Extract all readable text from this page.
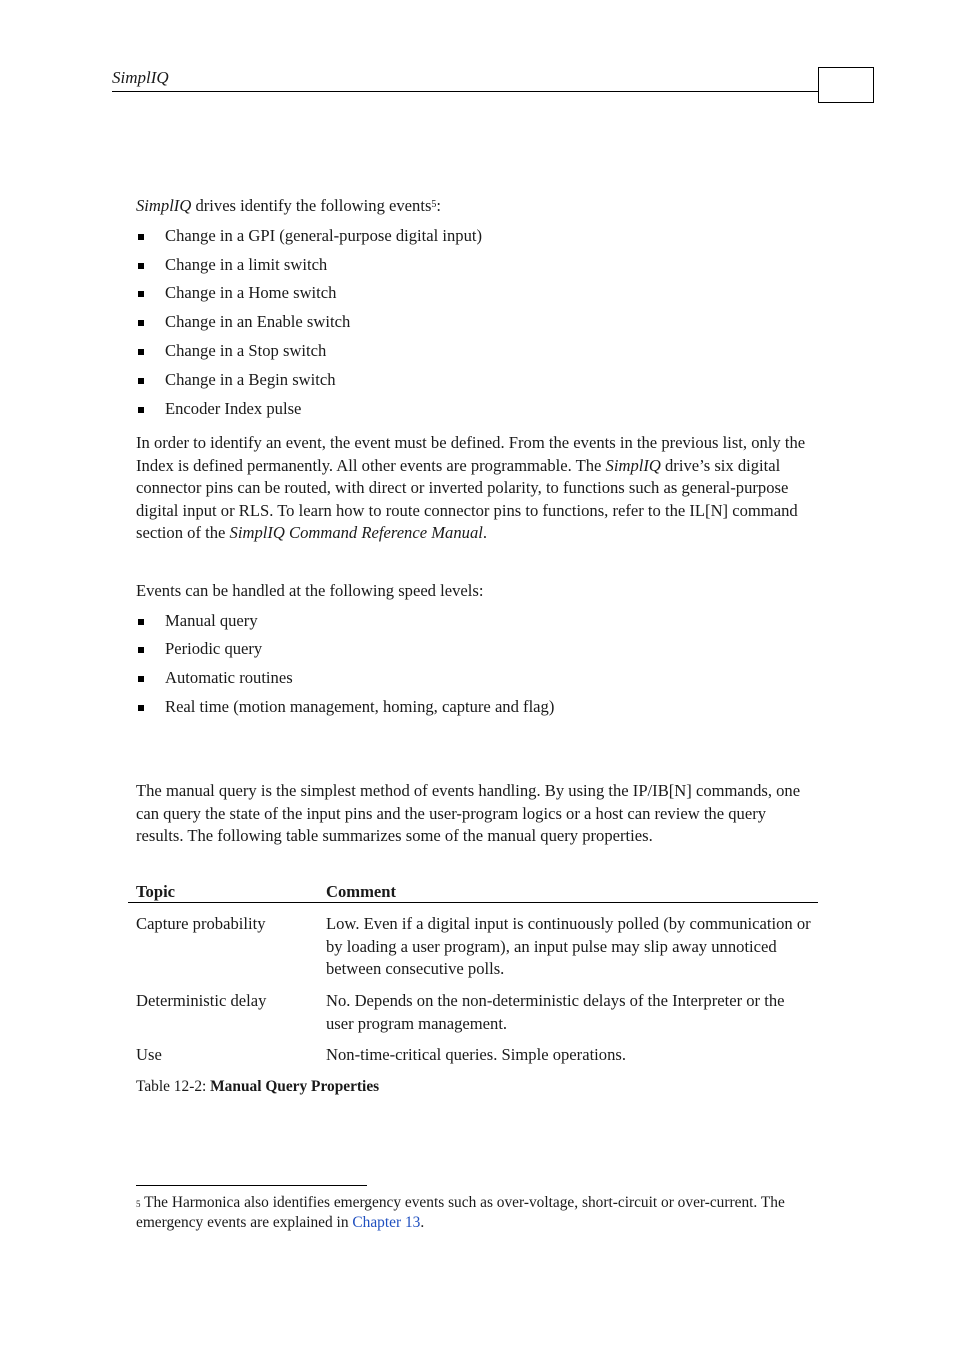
SimplIQ
SimplIQ drives identify the following events$^5$:
Change in a GPI (general-purpose digital input)
Change in a limit switch
Change in a Home switch
Change in an Enable switch
Change in a Stop switch
Change in a Begin switch
Encoder Index pulse
In order to identify an event, the event must be defined. From the events in the previous list, only the Index is defined permanently. All other events are programmable. The SimplIQ drive’s six digital connector pins can be routed, with direct or inverted polarity, to functions such as general-purpose digital input or RLS. To learn how to route connector pins to functions, refer to the IL[N] command section of the SimplIQ Command Reference Manual.
Events can be handled at the following speed levels:
Manual query
Periodic query
Automatic routines
Real time (motion management, homing, capture and flag)
The manual query is the simplest method of events handling. By using the IP/IB[N] commands, one can query the state of the input pins and the user-program logics or a host can review the query results. The following table summarizes some of the manual query properties.
Topic	Comment
Capture probability	Low. Even if a digital input is continuously polled (by communication or by loading a user program), an input pulse may slip away unnoticed between consecutive polls.
Deterministic delay	No. Depends on the non-deterministic delays of the Interpreter or the user program management.
Use	Non-time-critical queries. Simple operations.
Table 12-2: Manual Query Properties
$^5$ The Harmonica also identifies emergency events such as over-voltage, short-circuit or over-current. The emergency events are explained in Chapter 13.
